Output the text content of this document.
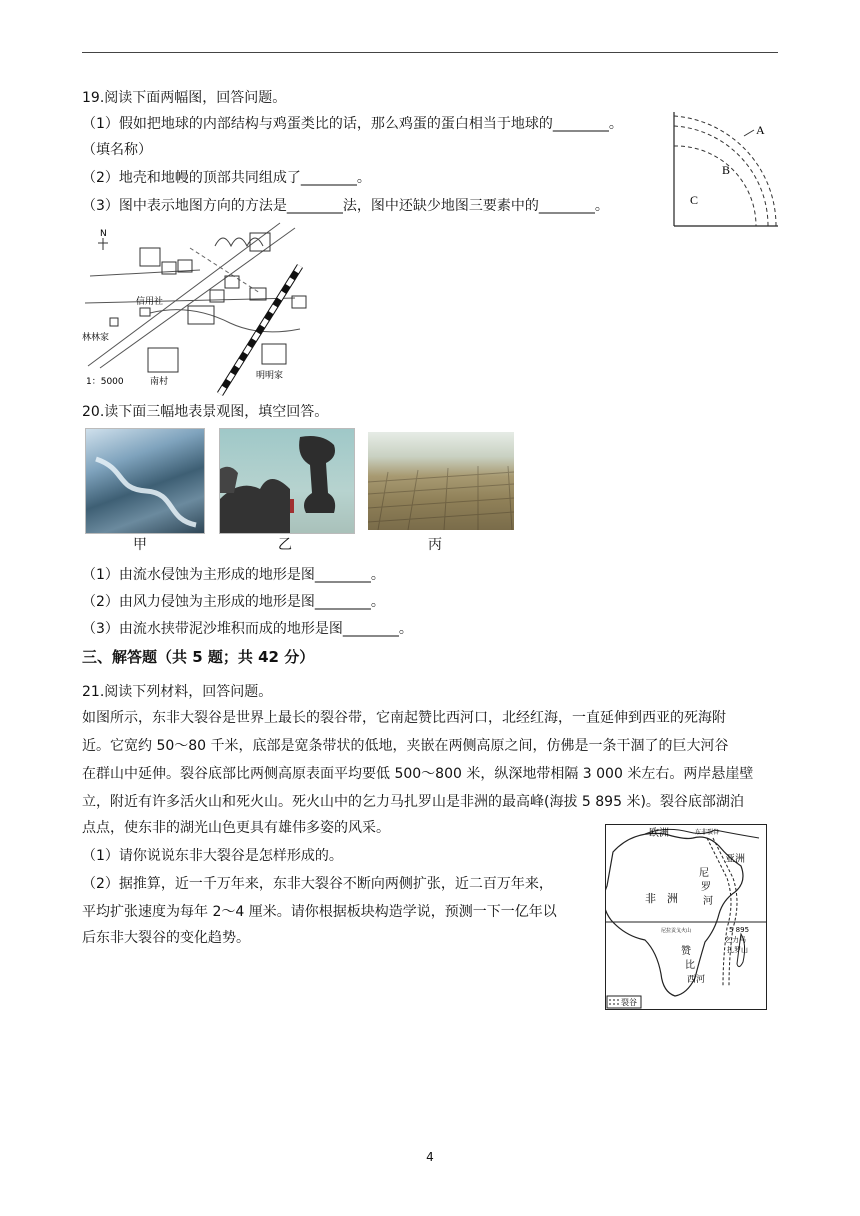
19.阅读下面两幅图，回答问题。
（1）假如把地球的内部结构与鸡蛋类比的话，那么鸡蛋的蛋白相当于地球的________。
（填名称）
（2）地壳和地幔的顶部共同组成了________。
（3）图中表示地图方向的方法是________法，图中还缺少地图三要素中的________。
A
B
C
N
信用社
林林家
1：5000	南村
明明家
20.读下面三幅地表景观图，填空回答。
甲	乙	丙
（1）由流水侵蚀为主形成的地形是图________。
（2）由风力侵蚀为主形成的地形是图________。
（3）由流水挟带泥沙堆积而成的地形是图________。
三、解答题（共 5 题；共 42 分）
21.阅读下列材料，回答问题。
如图所示，东非大裂谷是世界上最长的裂谷带，它南起赞比西河口，北经红海，一直延伸到西亚的死海附
近。它宽约 50～80 千米，底部是宽条带状的低地，夹嵌在两侧高原之间，仿佛是一条干涸了的巨大河谷
在群山中延伸。裂谷底部比两侧高原表面平均要低 500～800 米，纵深地带相隔 3 000 米左右。两岸悬崖壁
立，附近有许多活火山和死火山。死火山中的乞力马扎罗山是非洲的最高峰(海拔 5 895 米)。裂谷底部湖泊
点点，使东非的湖光山色更具有雄伟多姿的风采。
（1）请你说说东非大裂谷是怎样形成的。
（2）据推算，近一千万年来，东非大裂谷不断向两侧扩张，近二百万年来，
平均扩张速度为每年 2～4 厘米。请你根据板块构造学说，预测一下一亿年以
后东非大裂谷的变化趋势。
欧洲	东非裂谷
亚洲
非 洲
尼
罗
河
尼拉贡戈火山	5 895
乞力马
扎罗山
赞
比
西河
裂谷
4
